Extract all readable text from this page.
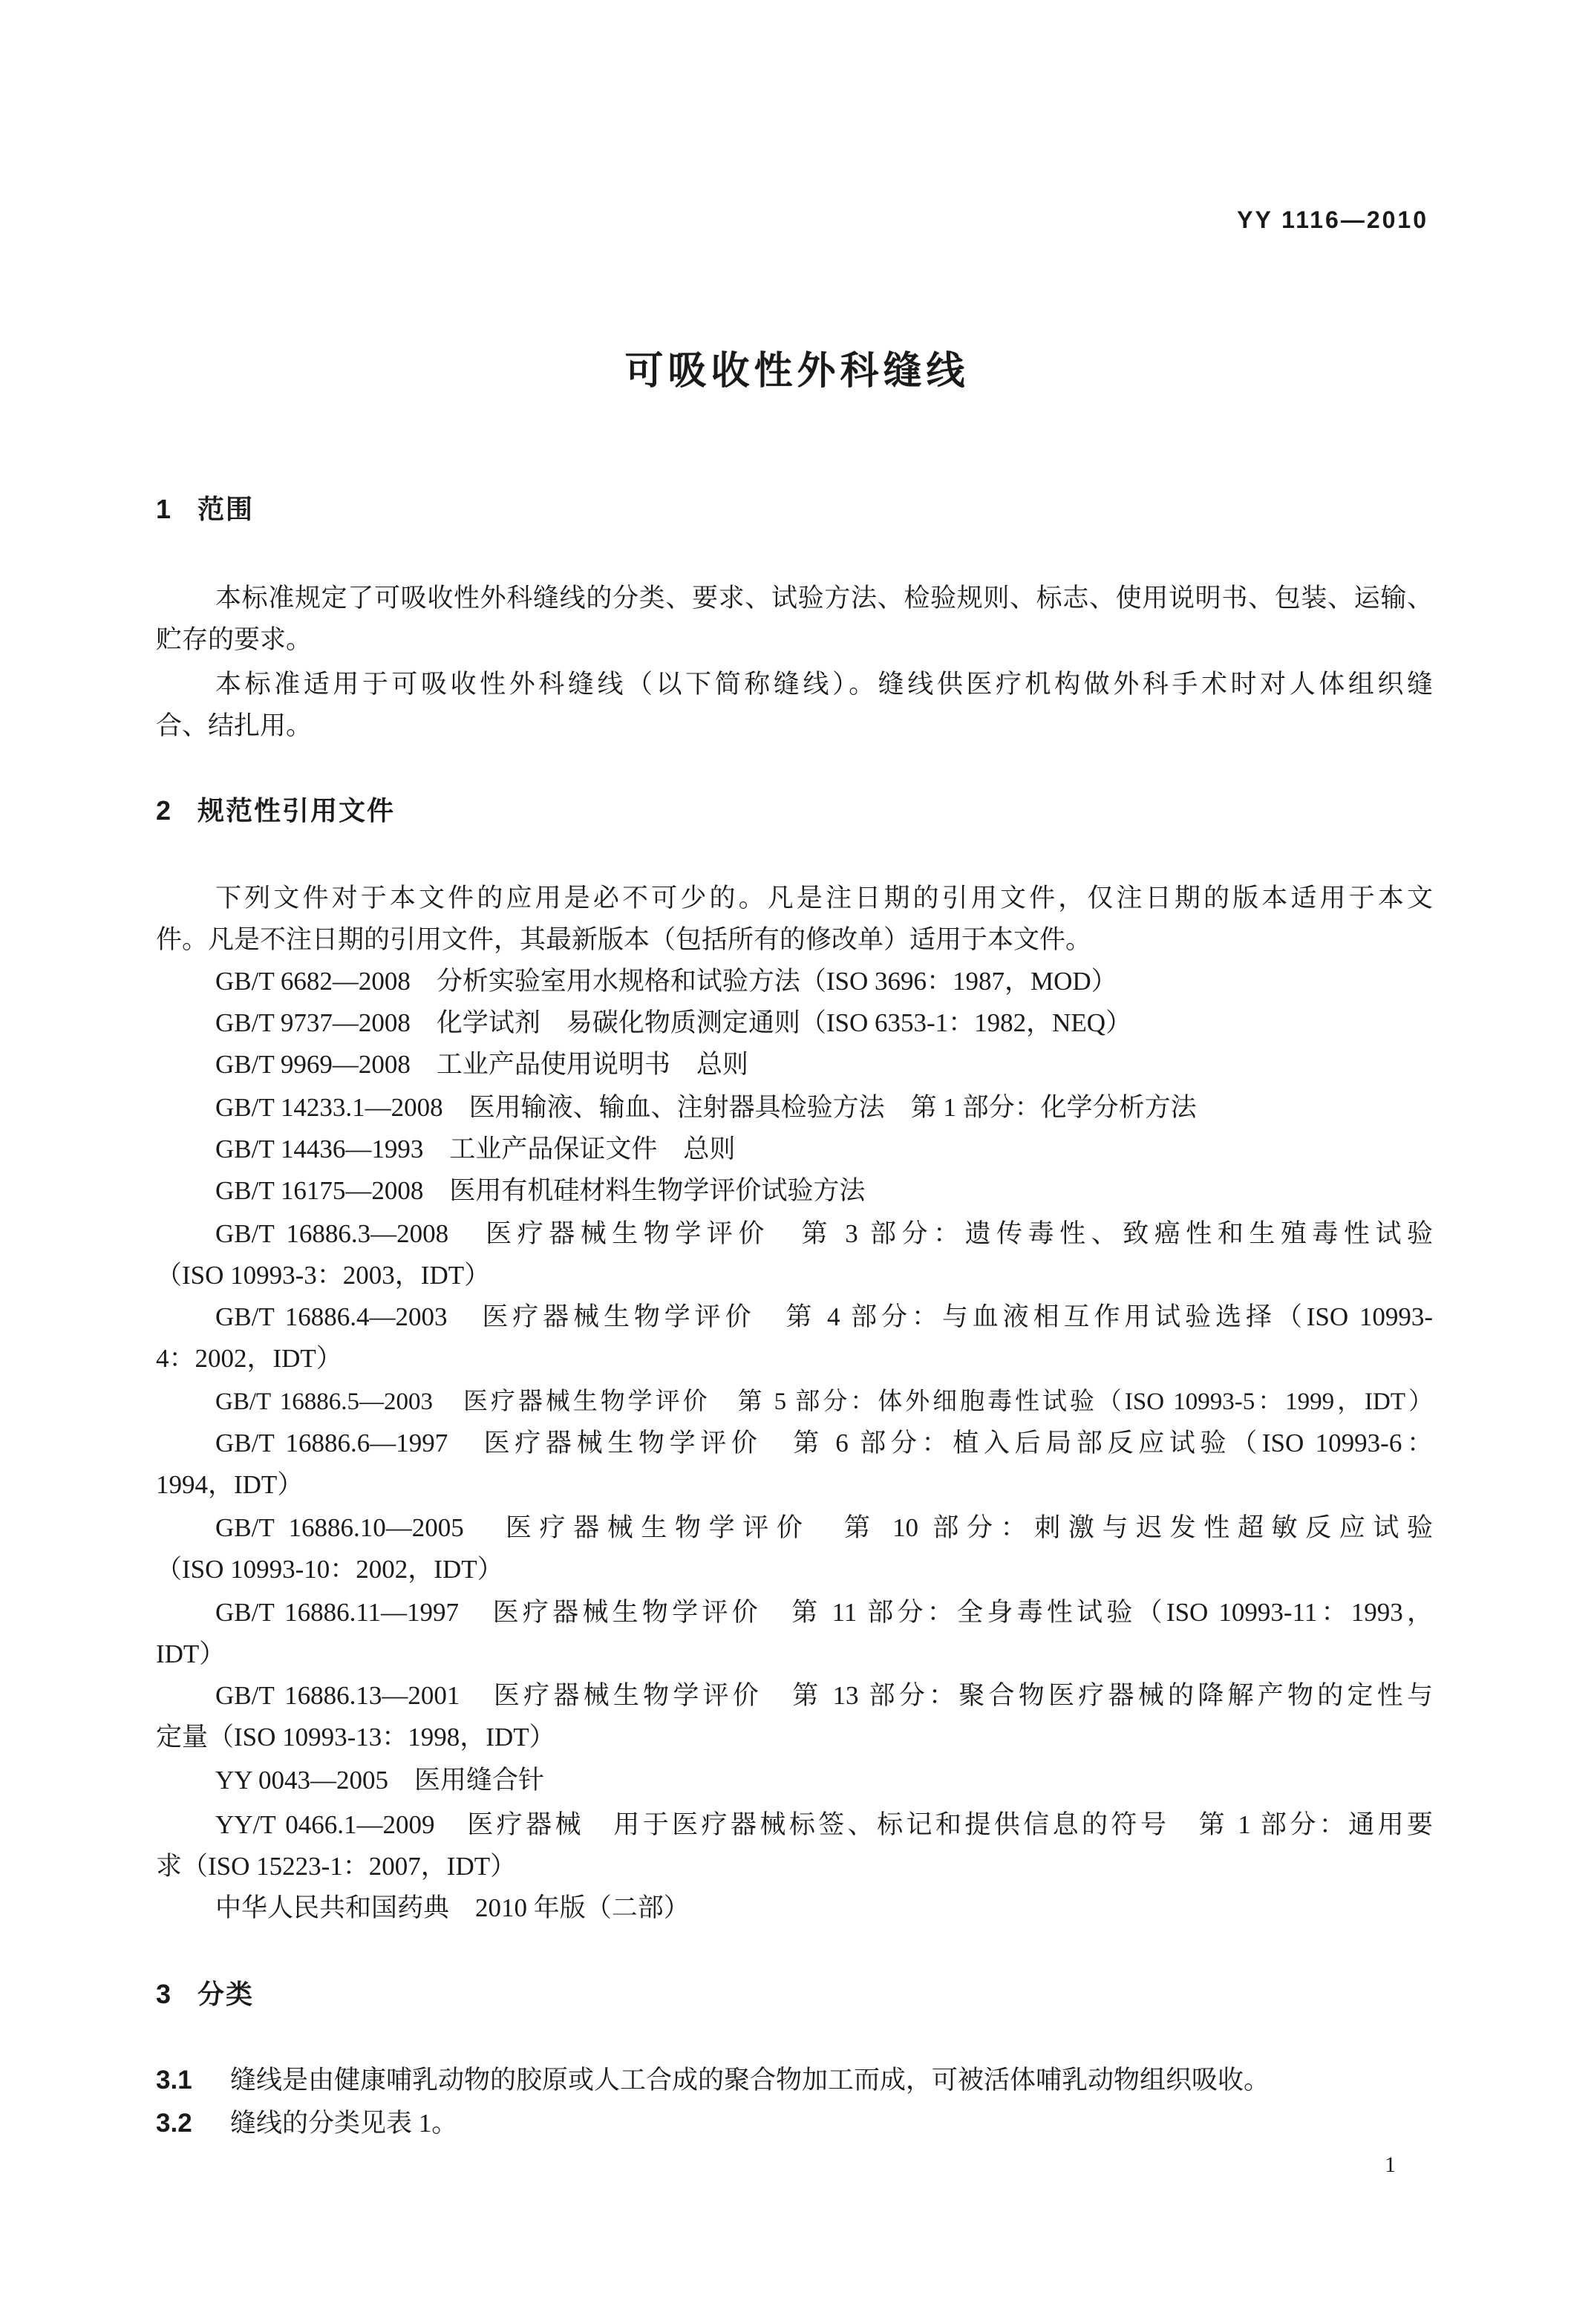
YY 1116—2010
可吸收性外科缝线
1 范围
本标准规定了可吸收性外科缝线的分类、要求、试验方法、检验规则、标志、使用说明书、包装、运输、
贮存的要求。
本标准适用于可吸收性外科缝线（以下简称缝线）。缝线供医疗机构做外科手术时对人体组织缝
合、结扎用。
2 规范性引用文件
下列文件对于本文件的应用是必不可少的。凡是注日期的引用文件，仅注日期的版本适用于本文
件。凡是不注日期的引用文件，其最新版本（包括所有的修改单）适用于本文件。
GB/T 6682—2008　分析实验室用水规格和试验方法（ISO 3696：1987，MOD）
GB/T 9737—2008　化学试剂　易碳化物质测定通则（ISO 6353-1：1982，NEQ）
GB/T 9969—2008　工业产品使用说明书　总则
GB/T 14233.1—2008　医用输液、输血、注射器具检验方法　第 1 部分：化学分析方法
GB/T 14436—1993　工业产品保证文件　总则
GB/T 16175—2008　医用有机硅材料生物学评价试验方法
GB/T 16886.3—2008　医疗器械生物学评价　第 3 部分：遗传毒性、致癌性和生殖毒性试验
（ISO 10993-3：2003，IDT）
GB/T 16886.4—2003　医疗器械生物学评价　第 4 部分：与血液相互作用试验选择（ISO 10993-
4：2002，IDT）
GB/T 16886.5—2003　医疗器械生物学评价　第 5 部分：体外细胞毒性试验（ISO 10993-5：1999，IDT）
GB/T 16886.6—1997　医疗器械生物学评价　第 6 部分：植入后局部反应试验（ISO 10993-6：
1994，IDT）
GB/T 16886.10—2005　医疗器械生物学评价　第 10 部分：刺激与迟发性超敏反应试验
（ISO 10993-10：2002，IDT）
GB/T 16886.11—1997　医疗器械生物学评价　第 11 部分：全身毒性试验（ISO 10993-11：1993，
IDT）
GB/T 16886.13—2001　医疗器械生物学评价　第 13 部分：聚合物医疗器械的降解产物的定性与
定量（ISO 10993-13：1998，IDT）
YY 0043—2005　医用缝合针
YY/T 0466.1—2009　医疗器械　用于医疗器械标签、标记和提供信息的符号　第 1 部分：通用要
求（ISO 15223-1：2007，IDT）
中华人民共和国药典　2010 年版（二部）
3 分类
3.1 缝线是由健康哺乳动物的胶原或人工合成的聚合物加工而成，可被活体哺乳动物组织吸收。
3.2 缝线的分类见表 1。
1
